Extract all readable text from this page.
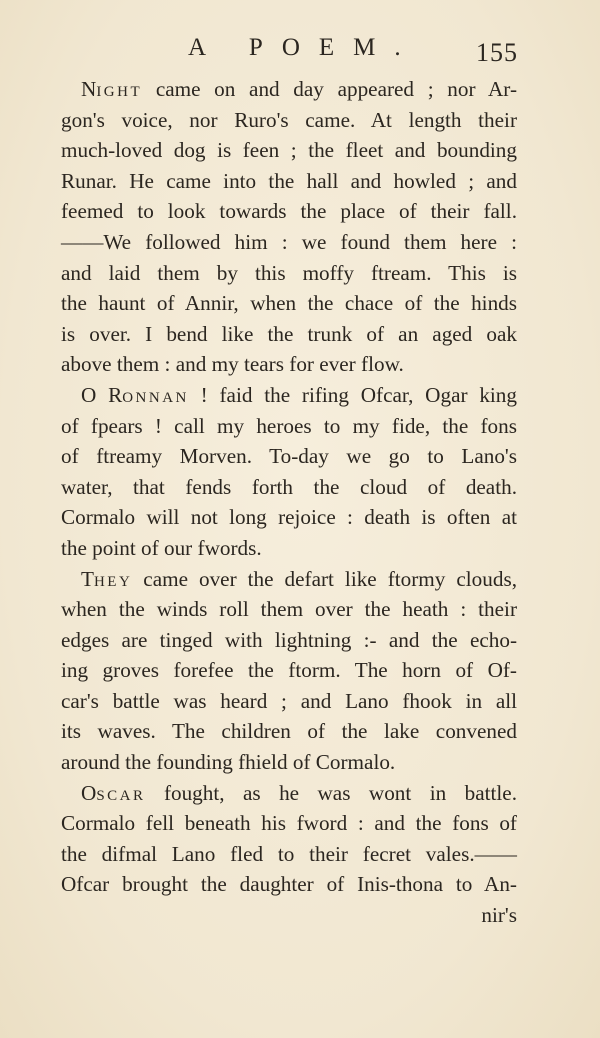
A POEM. 155
NIGHT came on and day appeared ; nor Ar-
gon's voice, nor Ruro's came. At length their
much-loved dog is feen ; the fleet and bounding
Runar. He came into the hall and howled ; and
feemed to look towards the place of their fall.
——We followed him : we found them here :
and laid them by this moffy ftream. This is
the haunt of Annir, when the chace of the hinds
is over. I bend like the trunk of an aged oak
above them : and my tears for ever flow.
O RONNAN ! faid the rifing Ofcar, Ogar king
of fpears ! call my heroes to my fide, the fons
of ftreamy Morven. To-day we go to Lano's
water, that fends forth the cloud of death.
Cormalo will not long rejoice : death is often at
the point of our fwords.
THEY came over the defart like ftormy clouds,
when the winds roll them over the heath : their
edges are tinged with lightning :- and the echo-
ing groves forefee the ftorm. The horn of Of-
car's battle was heard ; and Lano fhook in all
its waves. The children of the lake convened
around the founding fhield of Cormalo.
OSCAR fought, as he was wont in battle.
Cormalo fell beneath his fword : and the fons of
the difmal Lano fled to their fecret vales.——
Ofcar brought the daughter of Inis-thona to An-
nir's
